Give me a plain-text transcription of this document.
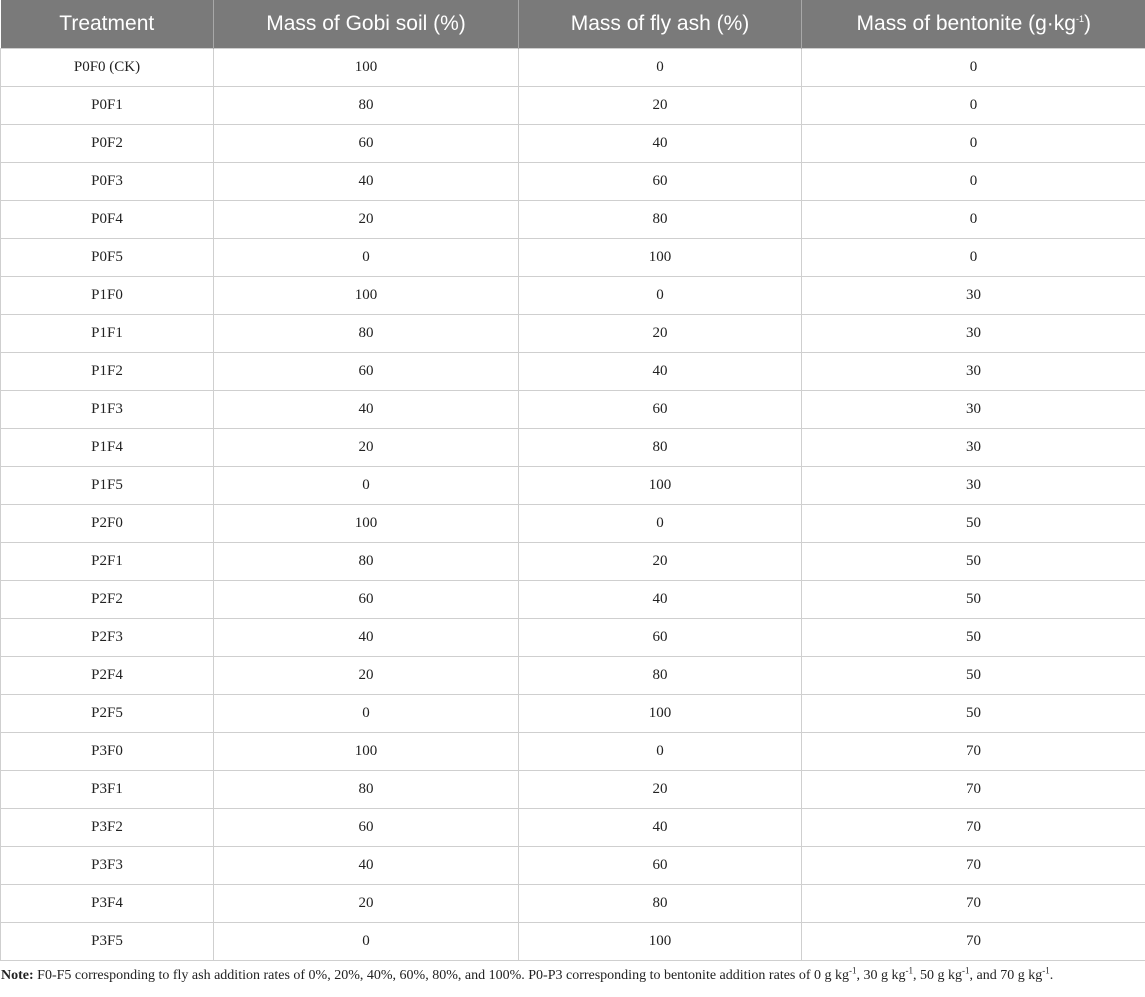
Treatment	Mass of Gobi soil (%)	Mass of fly ash (%)	Mass of bentonite $(g\cdot kg^{-1})$
P0F0 (CK)	100	0	0
P0F1	80	20	0
P0F2	60	40	0
P0F3	40	60	0
P0F4	20	80	0
P0F5	0	100	0
P1F0	100	0	30
P1F1	80	20	30
P1F2	60	40	30
P1F3	40	60	30
P1F4	20	80	30
P1F5	0	100	30
P2F0	100	0	50
P2F1	80	20	50
P2F2	60	40	50
P2F3	40	60	50
P2F4	20	80	50
P2F5	0	100	50
P3F0	100	0	70
P3F1	80	20	70
P3F2	60	40	70
P3F3	40	60	70
P3F4	20	80	70
P3F5	0	100	70
Note: F0-F5 corresponding to fly ash addition rates of 0%, 20%, 40%, 60%, 80%, and 100%. P0-P3 corresponding to bentonite addition rates of 0 g $kg^{-1}$, 30 g $kg^{-1}$, 50 g $kg^{-1}$, and 70 g $kg^{-1}$.
